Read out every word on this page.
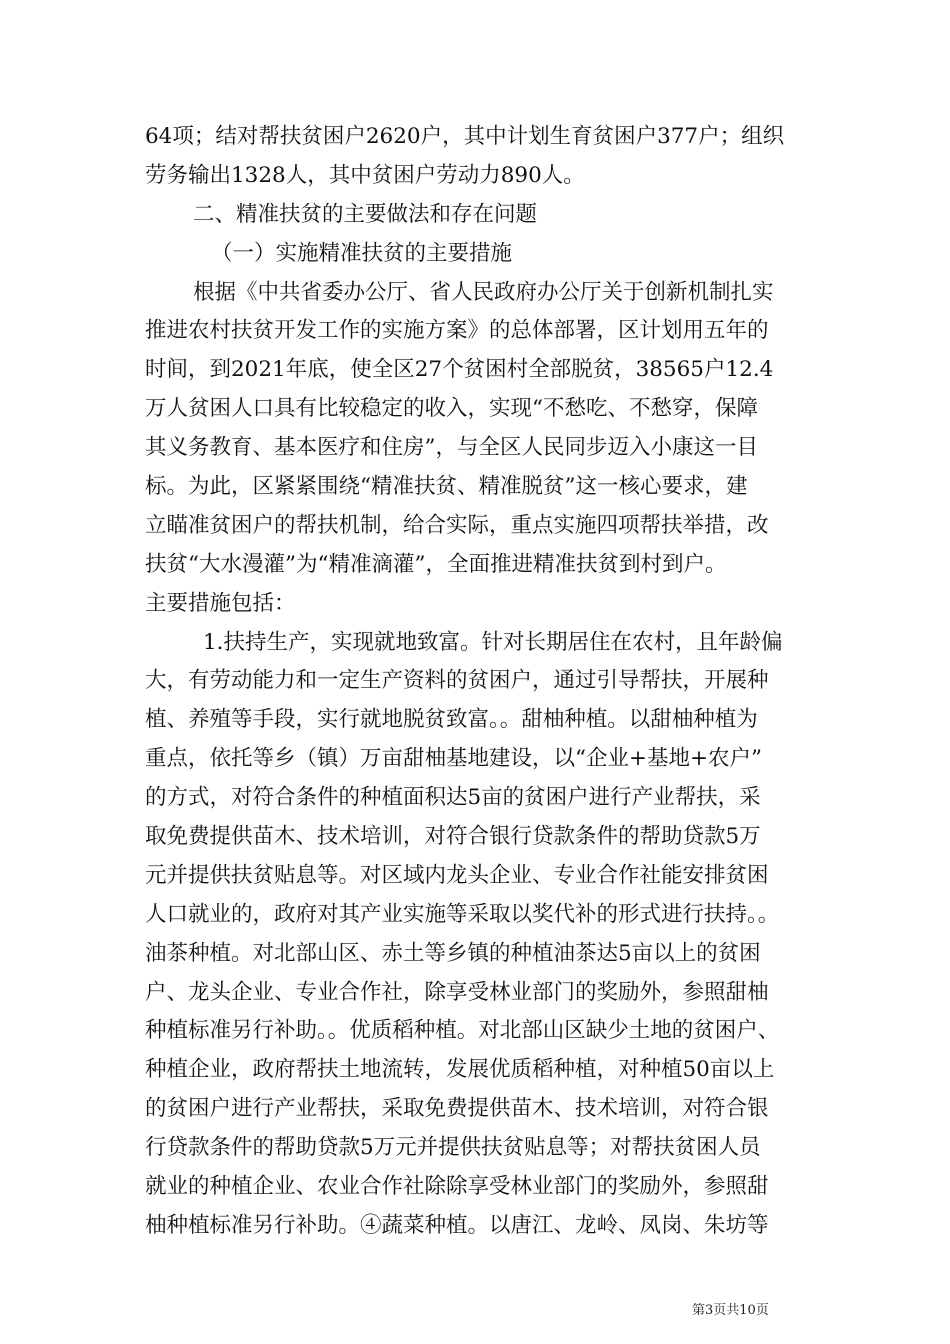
64项；结对帮扶贫困户2620户，其中计划生育贫困户377户；组织
劳务输出1328人，其中贫困户劳动力890人。
二、精准扶贫的主要做法和存在问题
（一）实施精准扶贫的主要措施
根据《中共省委办公厅、省人民政府办公厅关于创新机制扎实
推进农村扶贫开发工作的实施方案》的总体部署，区计划用五年的
时间，到2021年底，使全区27个贫困村全部脱贫，38565户12.4
万人贫困人口具有比较稳定的收入，实现“不愁吃、不愁穿，保障
其义务教育、基本医疗和住房”，与全区人民同步迈入小康这一目
标。为此，区紧紧围绕“精准扶贫、精准脱贫”这一核心要求，建
立瞄准贫困户的帮扶机制，给合实际，重点实施四项帮扶举措，改
扶贫“大水漫灌”为“精准滴灌”，全面推进精准扶贫到村到户。
主要措施包括：
1.扶持生产，实现就地致富。针对长期居住在农村，且年龄偏
大，有劳动能力和一定生产资料的贫困户，通过引导帮扶，开展种
植、养殖等手段，实行就地脱贫致富。。甜柚种植。以甜柚种植为
重点，依托等乡（镇）万亩甜柚基地建设，以“企业+基地+农户”
的方式，对符合条件的种植面积达5亩的贫困户进行产业帮扶，采
取免费提供苗木、技术培训，对符合银行贷款条件的帮助贷款5万
元并提供扶贫贴息等。对区域内龙头企业、专业合作社能安排贫困
人口就业的，政府对其产业实施等采取以奖代补的形式进行扶持。。
油茶种植。对北部山区、赤土等乡镇的种植油茶达5亩以上的贫困
户、龙头企业、专业合作社，除享受林业部门的奖励外，参照甜柚
种植标准另行补助。。优质稻种植。对北部山区缺少土地的贫困户、
种植企业，政府帮扶土地流转，发展优质稻种植，对种植50亩以上
的贫困户进行产业帮扶，采取免费提供苗木、技术培训，对符合银
行贷款条件的帮助贷款5万元并提供扶贫贴息等；对帮扶贫困人员
就业的种植企业、农业合作社除除享受林业部门的奖励外，参照甜
柚种植标准另行补助。④蔬菜种植。以唐江、龙岭、凤岗、朱坊等
第3页共10页
